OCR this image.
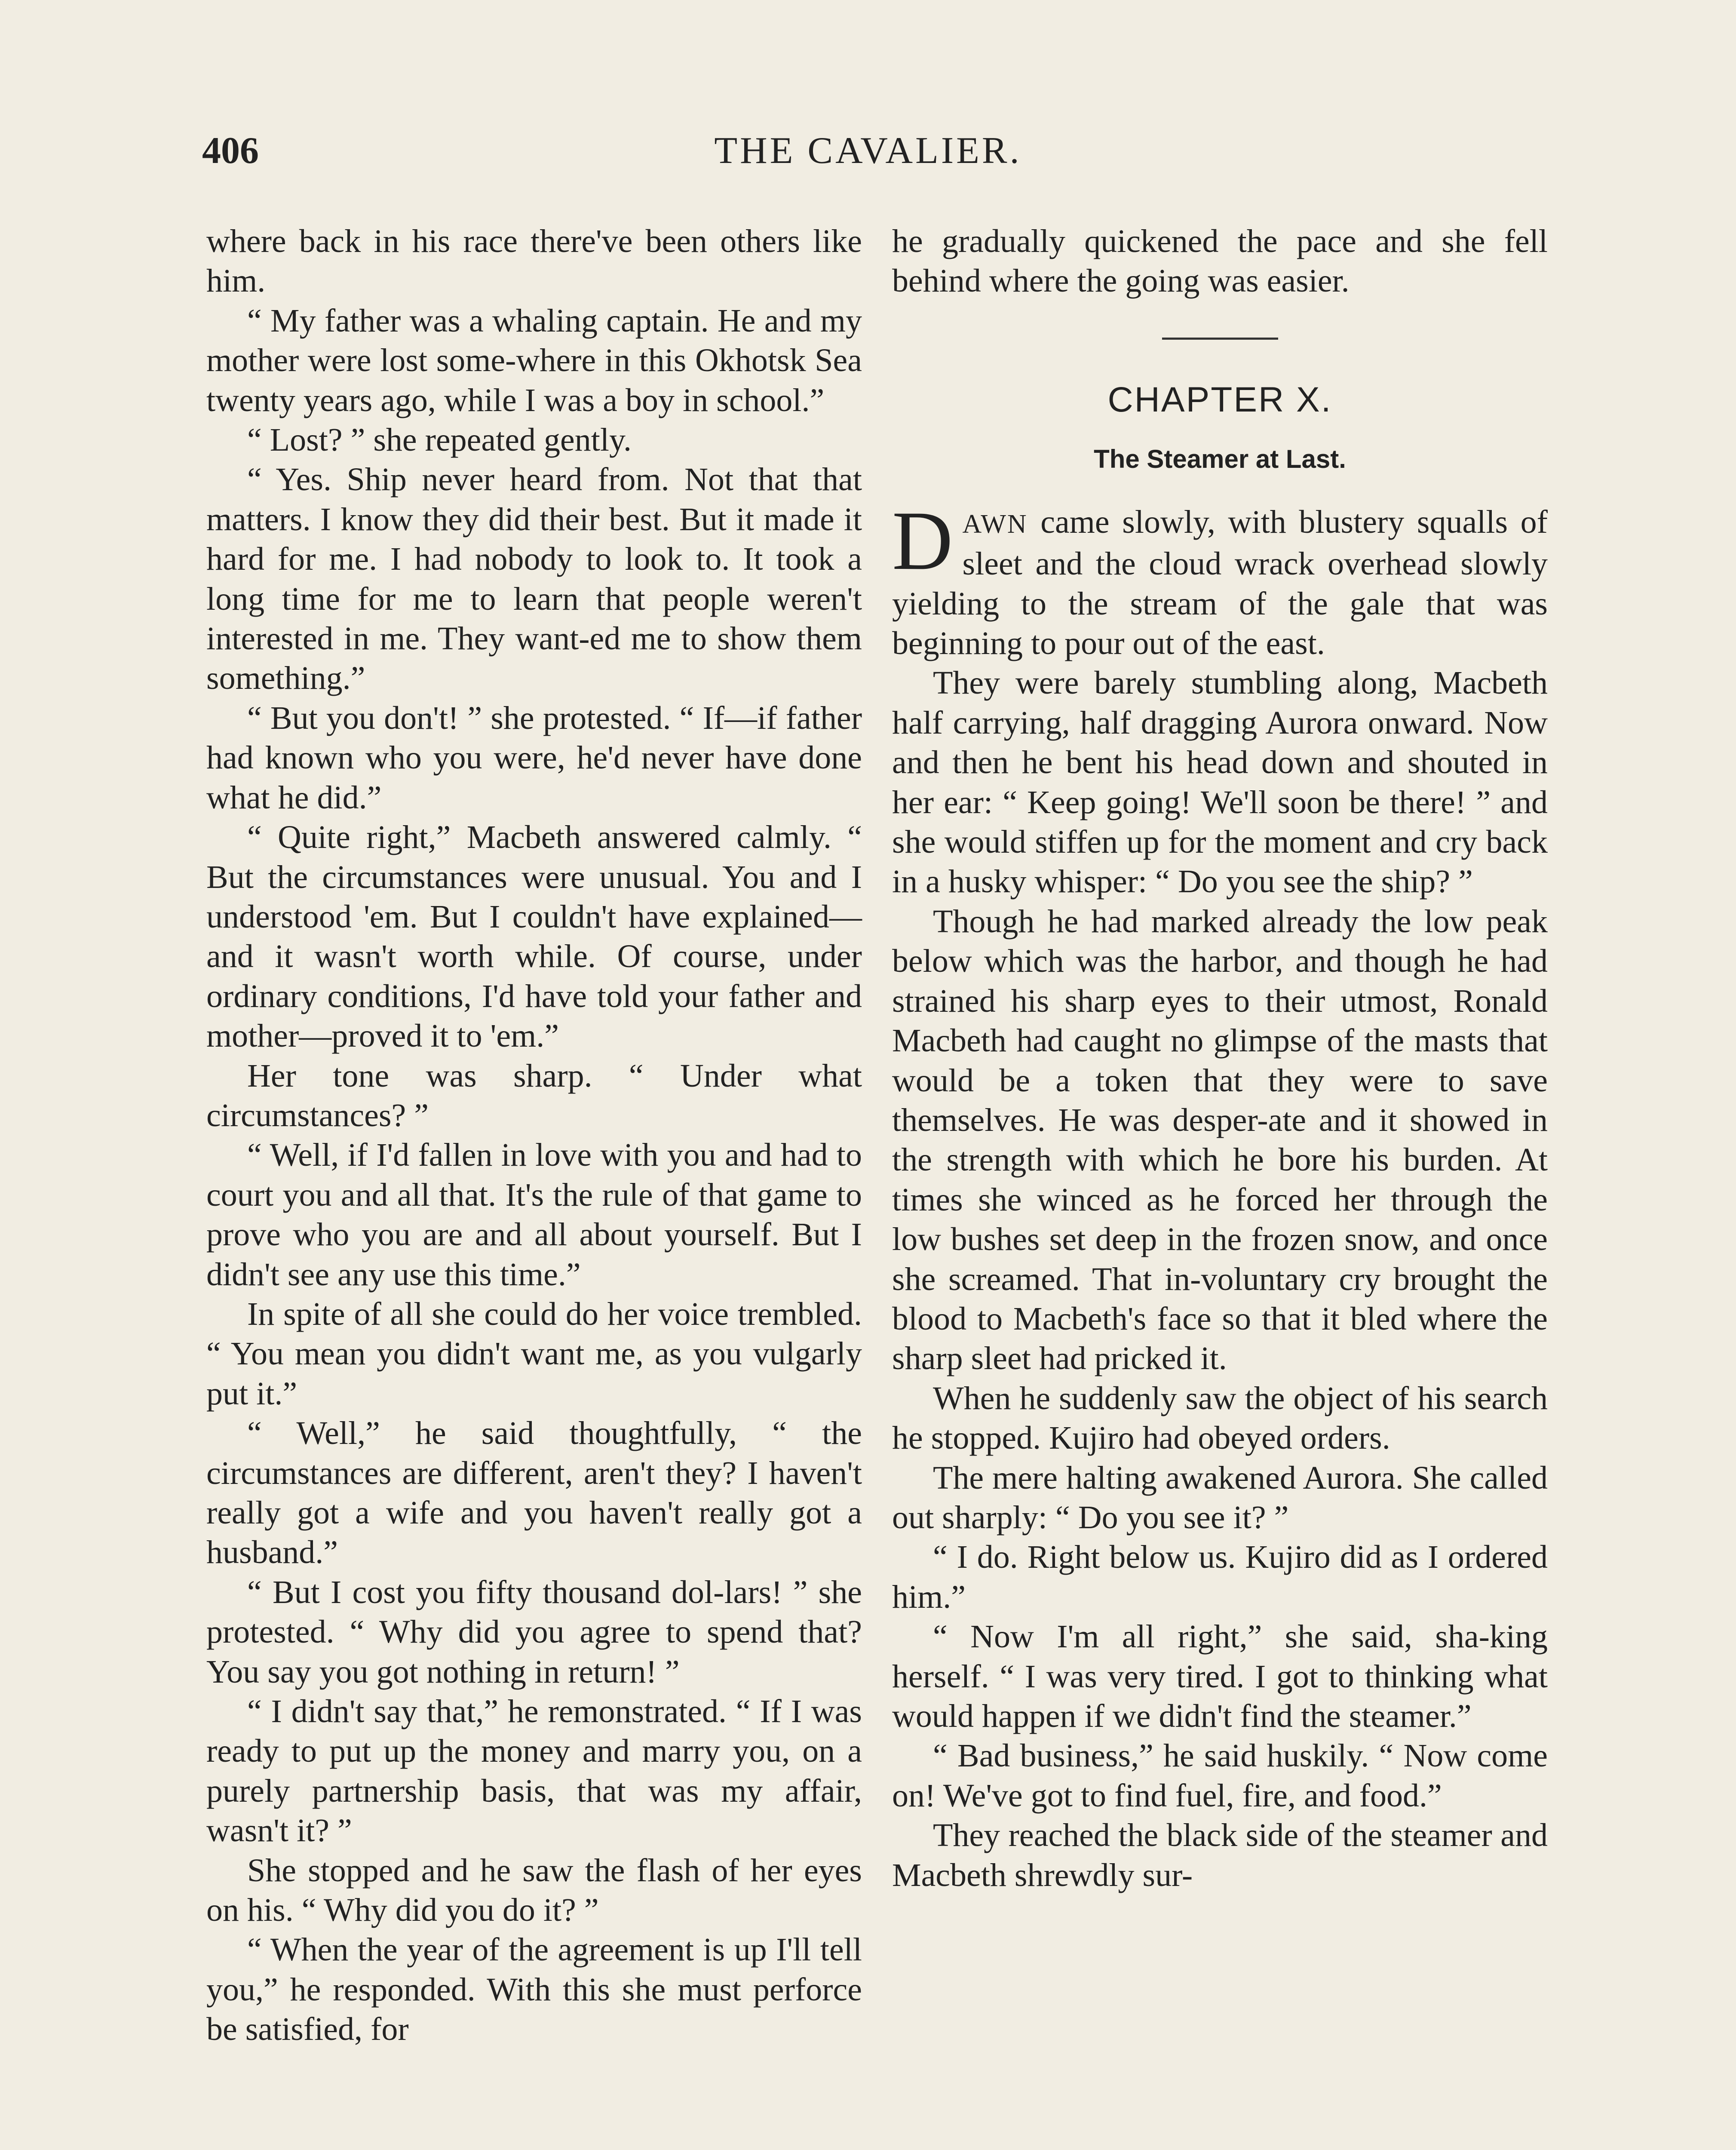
406	THE CAVALIER.

where back in his race there've been others like him.

“ My father was a whaling captain. He and my mother were lost some-where in this Okhotsk Sea twenty years ago, while I was a boy in school.”

“ Lost? ” she repeated gently.

“ Yes. Ship never heard from. Not that that matters. I know they did their best. But it made it hard for me. I had nobody to look to. It took a long time for me to learn that people weren't interested in me. They want-ed me to show them something.”

“ But you don't! ” she protested. “ If—if father had known who you were, he'd never have done what he did.”

“ Quite right,” Macbeth answered calmly. “ But the circumstances were unusual. You and I understood 'em. But I couldn't have explained—and it wasn't worth while. Of course, under ordinary conditions, I'd have told your father and mother—proved it to 'em.”

Her tone was sharp. “ Under what circumstances? ”

“ Well, if I'd fallen in love with you and had to court you and all that. It's the rule of that game to prove who you are and all about yourself. But I didn't see any use this time.”

In spite of all she could do her voice trembled. “ You mean you didn't want me, as you vulgarly put it.”

“ Well,” he said thoughtfully, “ the circumstances are different, aren't they? I haven't really got a wife and you haven't really got a husband.”

“ But I cost you fifty thousand dol-lars! ” she protested. “ Why did you agree to spend that? You say you got nothing in return! ”

“ I didn't say that,” he remonstrated. “ If I was ready to put up the money and marry you, on a purely partnership basis, that was my affair, wasn't it? ”

She stopped and he saw the flash of her eyes on his. “ Why did you do it? ”

“ When the year of the agreement is up I'll tell you,” he responded. With this she must perforce be satisfied, for

he gradually quickened the pace and she fell behind where the going was easier.

CHAPTER X.
The Steamer at Last.

DAWN came slowly, with blustery squalls of sleet and the cloud wrack overhead slowly yielding to the stream of the gale that was beginning to pour out of the east.

They were barely stumbling along, Macbeth half carrying, half dragging Aurora onward. Now and then he bent his head down and shouted in her ear: “ Keep going! We'll soon be there! ” and she would stiffen up for the moment and cry back in a husky whisper: “ Do you see the ship? ”

Though he had marked already the low peak below which was the harbor, and though he had strained his sharp eyes to their utmost, Ronald Macbeth had caught no glimpse of the masts that would be a token that they were to save themselves. He was desper-ate and it showed in the strength with which he bore his burden. At times she winced as he forced her through the low bushes set deep in the frozen snow, and once she screamed. That in-voluntary cry brought the blood to Macbeth's face so that it bled where the sharp sleet had pricked it.

When he suddenly saw the object of his search he stopped. Kujiro had obeyed orders.

The mere halting awakened Aurora. She called out sharply: “ Do you see it? ”

“ I do. Right below us. Kujiro did as I ordered him.”

“ Now I'm all right,” she said, sha-king herself. “ I was very tired. I got to thinking what would happen if we didn't find the steamer.”

“ Bad business,” he said huskily. “ Now come on! We've got to find fuel, fire, and food.”

They reached the black side of the steamer and Macbeth shrewdly sur-
